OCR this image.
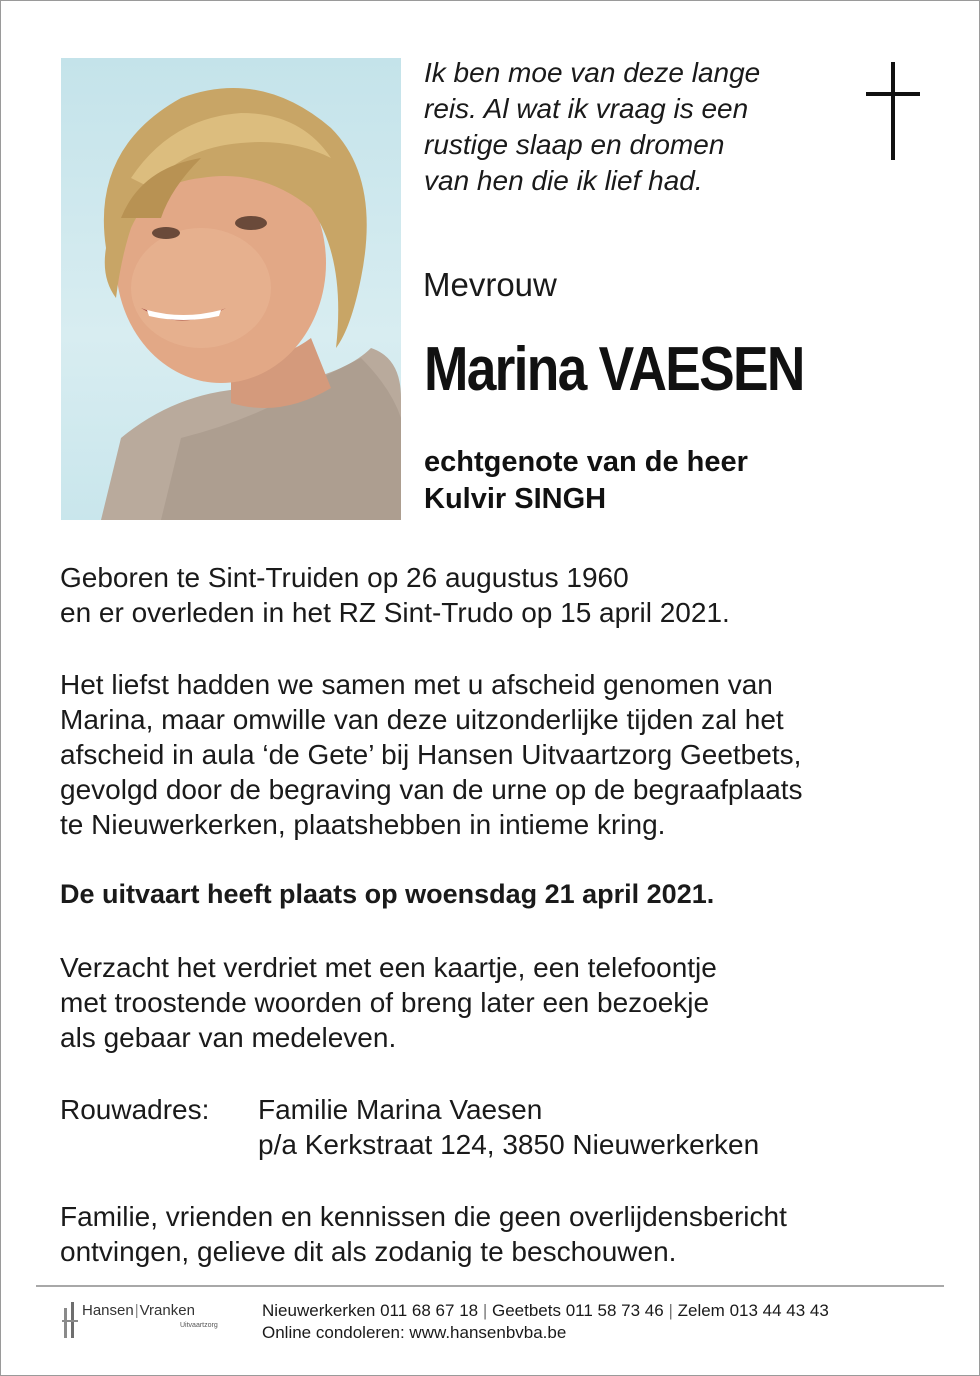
Ik ben moe van deze lange
reis. Al wat ik vraag is een
rustige slaap en dromen
van hen die ik lief had.
Mevrouw
Marina VAESEN
echtgenote van de heer
Kulvir SINGH
Geboren te Sint-Truiden op 26 augustus 1960
en er overleden in het RZ Sint-Trudo op 15 april 2021.
Het liefst hadden we samen met u afscheid genomen van
Marina, maar omwille van deze uitzonderlijke tijden zal het
afscheid in aula ‘de Gete’ bij Hansen Uitvaartzorg Geetbets,
gevolgd door de begraving van de urne op de begraafplaats
te Nieuwerkerken, plaatshebben in intieme kring.
De uitvaart heeft plaats op woensdag 21 april 2021.
Verzacht het verdriet met een kaartje, een telefoontje
met troostende woorden of breng later een bezoekje
als gebaar van medeleven.
Rouwadres: Familie Marina Vaesen
p/a Kerkstraat 124, 3850 Nieuwerkerken
Familie, vrienden en kennissen die geen overlijdensbericht
ontvingen, gelieve dit als zodanig te beschouwen.
Hansen|Vranken
Uitvaartzorg
Nieuwerkerken 011 68 67 18 | Geetbets 011 58 73 46 | Zelem 013 44 43 43
Online condoleren: www.hansenbvba.be
